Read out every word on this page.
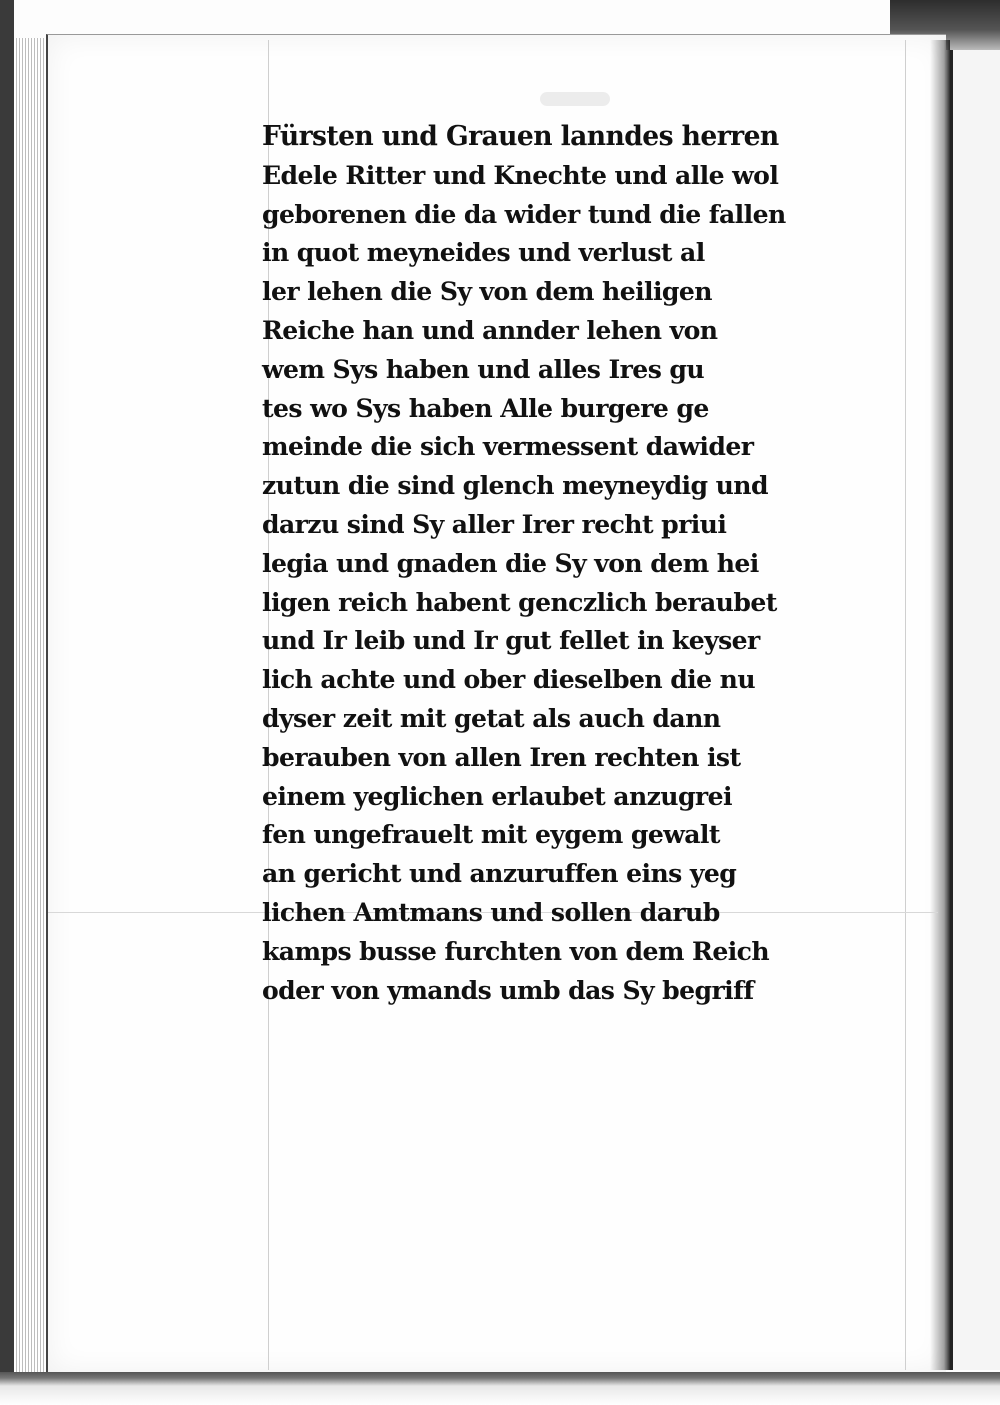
Fürsten und Grauen lanndes herren
Edele Ritter und Knechte und alle wol
geborenen die da wider tund die fallen
in quot meyneides und verlust al
ler lehen die Sy von dem heiligen
Reiche han und annder lehen von
wem Sys haben und alles Ires gu
tes wo Sys haben Alle burgere ge
meinde die sich vermessent dawider
zutun die sind glench meyneydig und
darzu sind Sy aller Irer recht priui
legia und gnaden die Sy von dem hei
ligen reich habent genczlich beraubet
und Ir leib und Ir gut fellet in keyser
lich achte und ober dieselben die nu
dyser zeit mit getat als auch dann
berauben von allen Iren rechten ist
einem yeglichen erlaubet anzugrei
fen ungefrauelt mit eygem gewalt
an gericht und anzuruffen eins yeg
lichen Amtmans und sollen darub
kamps busse furchten von dem Reich
oder von ymands umb das Sy begriff
